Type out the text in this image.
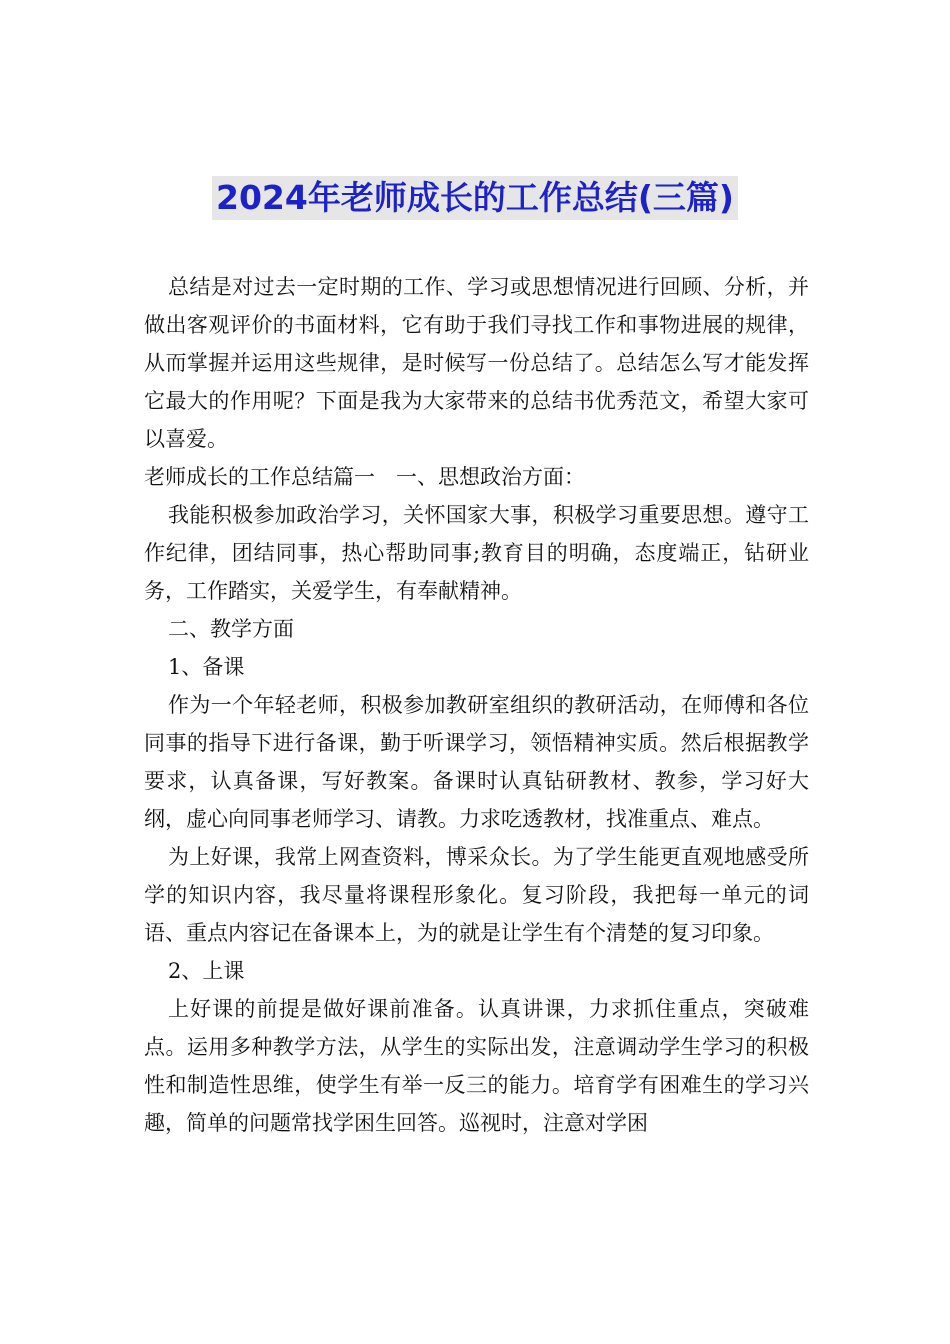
2024年老师成长的工作总结(三篇)

总结是对过去一定时期的工作、学习或思想情况进行回顾、分析，并做出客观评价的书面材料，它有助于我们寻找工作和事物进展的规律，从而掌握并运用这些规律，是时候写一份总结了。总结怎么写才能发挥它最大的作用呢？下面是我为大家带来的总结书优秀范文，希望大家可以喜爱。

老师成长的工作总结篇一　一、思想政治方面：

我能积极参加政治学习，关怀国家大事，积极学习重要思想。遵守工作纪律，团结同事，热心帮助同事;教育目的明确，态度端正，钻研业务，工作踏实，关爱学生，有奉献精神。

二、教学方面

1、备课

作为一个年轻老师，积极参加教研室组织的教研活动，在师傅和各位同事的指导下进行备课，勤于听课学习，领悟精神实质。然后根据教学要求，认真备课，写好教案。备课时认真钻研教材、教参，学习好大纲，虚心向同事老师学习、请教。力求吃透教材，找准重点、难点。

为上好课，我常上网查资料，博采众长。为了学生能更直观地感受所学的知识内容，我尽量将课程形象化。复习阶段，我把每一单元的词语、重点内容记在备课本上，为的就是让学生有个清楚的复习印象。

2、上课

上好课的前提是做好课前准备。认真讲课，力求抓住重点，突破难点。运用多种教学方法，从学生的实际出发，注意调动学生学习的积极性和制造性思维，使学生有举一反三的能力。培育学有困难生的学习兴趣，简单的问题常找学困生回答。巡视时，注意对学困
